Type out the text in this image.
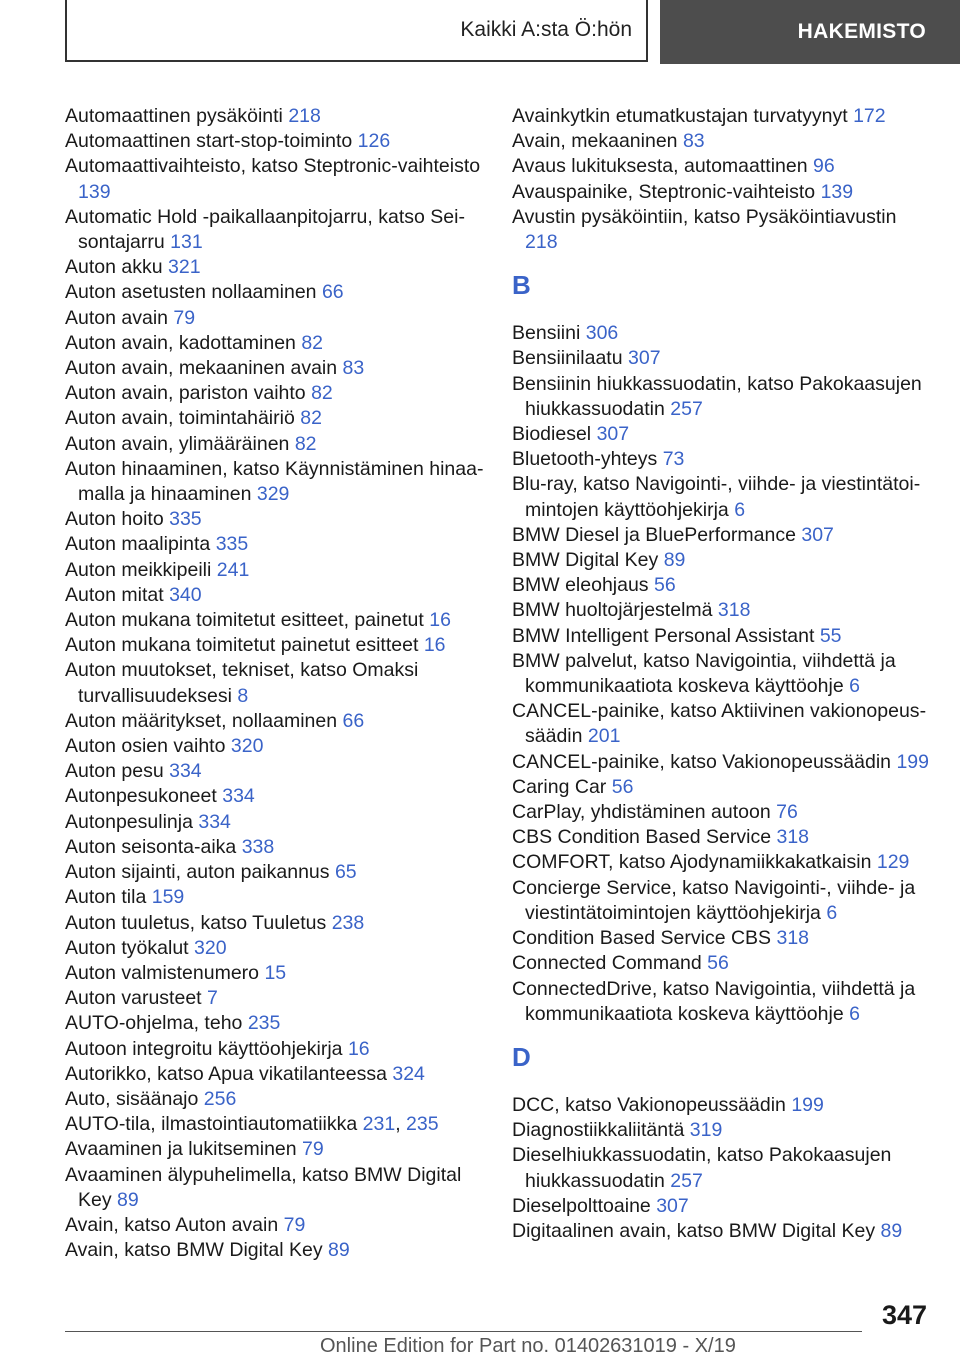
Kaikki A:sta Ö:hön	HAKEMISTO

Automaattinen pysäköinti 218

Automaattinen start-stop-toiminto 126

Automaattivaihteisto, katso Steptronic-vaihteisto 139

Automatic Hold -paikallaanpitojarru, katso Seisontajarru 131

Auton akku 321

Auton asetusten nollaaminen 66

Auton avain 79

Auton avain, kadottaminen 82

Auton avain, mekaaninen avain 83

Auton avain, pariston vaihto 82

Auton avain, toimintahäiriö 82

Auton avain, ylimääräinen 82

Auton hinaaminen, katso Käynnistäminen hinaamalla ja hinaaminen 329

Auton hoito 335

Auton maalipinta 335

Auton meikkipeili 241

Auton mitat 340

Auton mukana toimitetut esitteet, painetut 16

Auton mukana toimitetut painetut esitteet 16

Auton muutokset, tekniset, katso Omaksi turvallisuudeksesi 8

Auton määritykset, nollaaminen 66

Auton osien vaihto 320

Auton pesu 334

Autonpesukoneet 334

Autonpesulinja 334

Auton seisonta-aika 338

Auton sijainti, auton paikannus 65

Auton tila 159

Auton tuuletus, katso Tuuletus 238

Auton työkalut 320

Auton valmistenumero 15

Auton varusteet 7

AUTO-ohjelma, teho 235

Autoon integroitu käyttöohjekirja 16

Autorikko, katso Apua vikatilanteessa 324

Auto, sisäänajo 256

AUTO-tila, ilmastointiautomatiikka 231, 235

Avaaminen ja lukitseminen 79

Avaaminen älypuhelimella, katso BMW Digital Key 89

Avain, katso Auton avain 79

Avain, katso BMW Digital Key 89

Avainkytkin etumatkustajan turvatyynyt 172

Avain, mekaaninen 83

Avaus lukituksesta, automaattinen 96

Avauspainike, Steptronic-vaihteisto 139

Avustin pysäköintiin, katso Pysäköintiavustin 218

B

Bensiini 306

Bensiinilaatu 307

Bensiinin hiukkassuodatin, katso Pakokaasujen hiukkassuodatin 257

Biodiesel 307

Bluetooth-yhteys 73

Blu-ray, katso Navigointi-, viihde- ja viestintätoimintojen käyttöohjekirja 6

BMW Diesel ja BluePerformance 307

BMW Digital Key 89

BMW eleohjaus 56

BMW huoltojärjestelmä 318

BMW Intelligent Personal Assistant 55

BMW palvelut, katso Navigointia, viihdettä ja kommunikaatiota koskeva käyttöohje 6

CANCEL-painike, katso Aktiivinen vakionopeussäädin 201

CANCEL-painike, katso Vakionopeussäädin 199

Caring Car 56

CarPlay, yhdistäminen autoon 76

CBS Condition Based Service 318

COMFORT, katso Ajodynamiikkakatkaisin 129

Concierge Service, katso Navigointi-, viihde- ja viestintätoimintojen käyttöohjekirja 6

Condition Based Service CBS 318

Connected Command 56

ConnectedDrive, katso Navigointia, viihdettä ja kommunikaatiota koskeva käyttöohje 6

D

DCC, katso Vakionopeussäädin 199

Diagnostiikkaliitäntä 319

Dieselhiukkassuodatin, katso Pakokaasujen hiukkassuodatin 257

Dieselpolttoaine 307

Digitaalinen avain, katso BMW Digital Key 89

347
Online Edition for Part no. 01402631019 - X/19
